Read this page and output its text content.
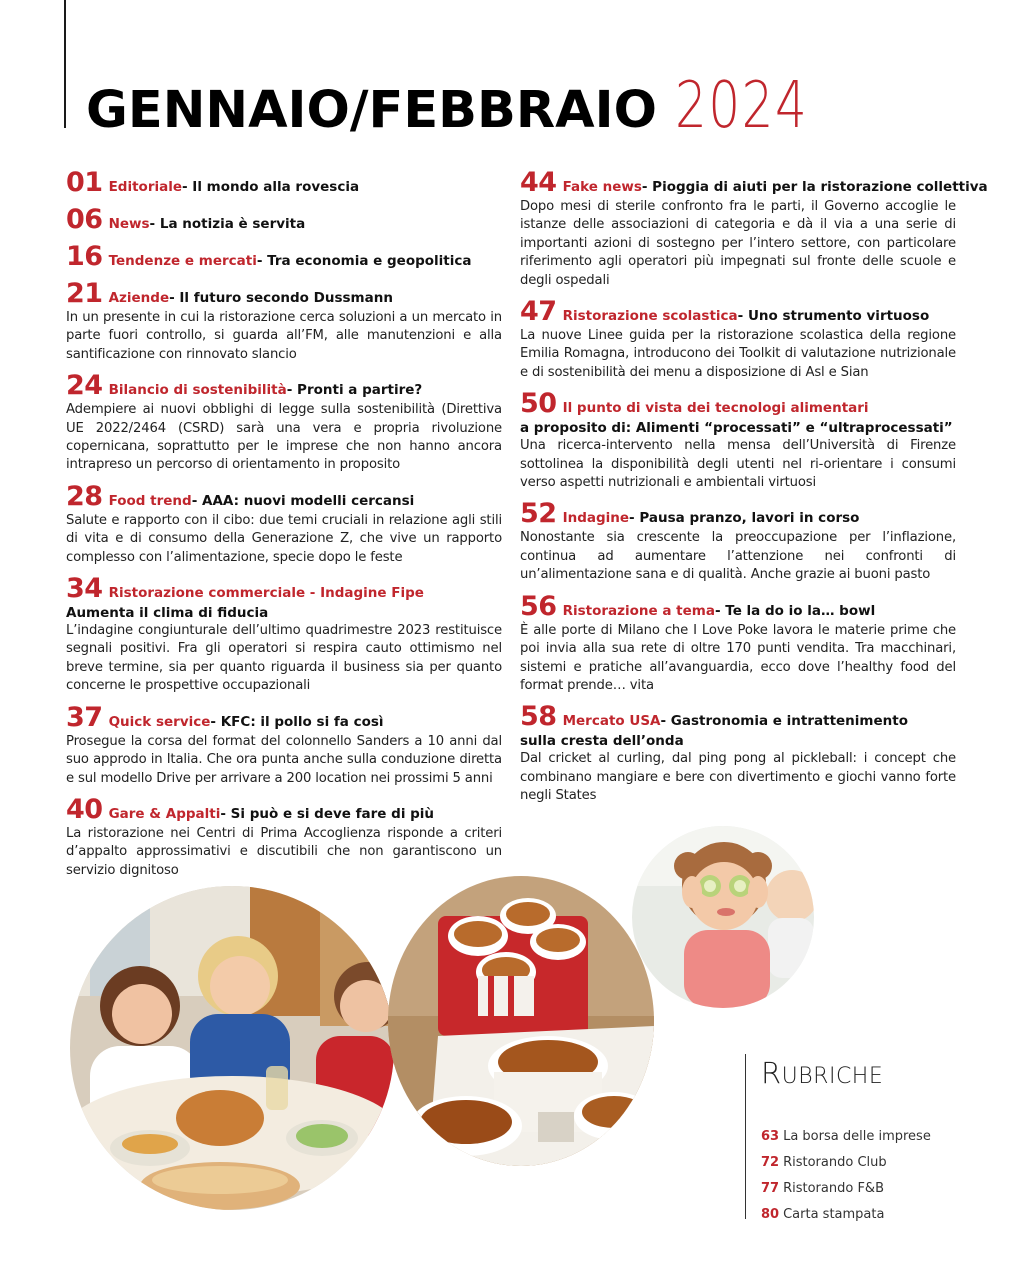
GENNAIO/FEBBRAIO 2024
01 Editoriale - Il mondo alla rovescia
06 News - La notizia è servita
16 Tendenze e mercati - Tra economia e geopolitica
21 Aziende - Il futuro secondo Dussmann
In un presente in cui la ristorazione cerca soluzioni a un mercato in parte fuori controllo, si guarda all’FM, alle manutenzioni e alla santificazione con rinnovato slancio
24 Bilancio di sostenibilità - Pronti a partire?
Adempiere ai nuovi obblighi di legge sulla sostenibilità (Direttiva UE 2022/2464 (CSRD) sarà una vera e propria rivoluzione copernicana, soprattutto per le imprese che non hanno ancora intrapreso un percorso di orientamento in proposito
28 Food trend - AAA: nuovi modelli cercansi
Salute e rapporto con il cibo: due temi cruciali in relazione agli stili di vita e di consumo della Generazione Z, che vive un rapporto complesso con l’alimentazione, specie dopo le feste
34 Ristorazione commerciale - Indagine Fipe
Aumenta il clima di fiducia
L’indagine congiunturale dell’ultimo quadrimestre 2023 restituisce segnali positivi. Fra gli operatori si respira cauto ottimismo nel breve termine, sia per quanto riguarda il business sia per quanto concerne le prospettive occupazionali
37 Quick service - KFC: il pollo si fa così
Prosegue la corsa del format del colonnello Sanders a 10 anni dal suo approdo in Italia. Che ora punta anche sulla conduzione diretta e sul modello Drive per arrivare a 200 location nei prossimi 5 anni
40 Gare & Appalti - Si può e si deve fare di più
La ristorazione nei Centri di Prima Accoglienza risponde a criteri d’appalto approssimativi e discutibili che non garantiscono un servizio dignitoso
44 Fake news - Pioggia di aiuti per la ristorazione collettiva
Dopo mesi di sterile confronto fra le parti, il Governo accoglie le istanze delle associazioni di categoria e dà il via a una serie di importanti azioni di sostegno per l’intero settore, con particolare riferimento agli operatori più impegnati sul fronte delle scuole e degli ospedali
47 Ristorazione scolastica - Uno strumento virtuoso
La nuove Linee guida per la ristorazione scolastica della regione Emilia Romagna, introducono dei Toolkit di valutazione nutrizionale e di sostenibilità dei menu a disposizione di Asl e Sian
50 Il punto di vista dei tecnologi alimentari
a proposito di: Alimenti “processati” e “ultraprocessati”
Una ricerca-intervento nella mensa dell’Università di Firenze sottolinea la disponibilità degli utenti nel ri-orientare i consumi verso aspetti nutrizionali e ambientali virtuosi
52 Indagine - Pausa pranzo, lavori in corso
Nonostante sia crescente la preoccupazione per l’inflazione, continua ad aumentare l’attenzione nei confronti di un’alimentazione sana e di qualità. Anche grazie ai buoni pasto
56 Ristorazione a tema - Te la do io la… bowl
È alle porte di Milano che I Love Poke lavora le materie prime che poi invia alla sua rete di oltre 170 punti vendita. Tra macchinari, sistemi e pratiche all’avanguardia, ecco dove l’healthy food del format prende… vita
58 Mercato USA - Gastronomia e intrattenimento
sulla cresta dell’onda
Dal cricket al curling, dal ping pong al pickleball: i concept che combinano mangiare e bere con divertimento e giochi vanno forte negli States
RUBRICHE
63 La borsa delle imprese
72 Ristorando Club
77 Ristorando F&B
80 Carta stampata
